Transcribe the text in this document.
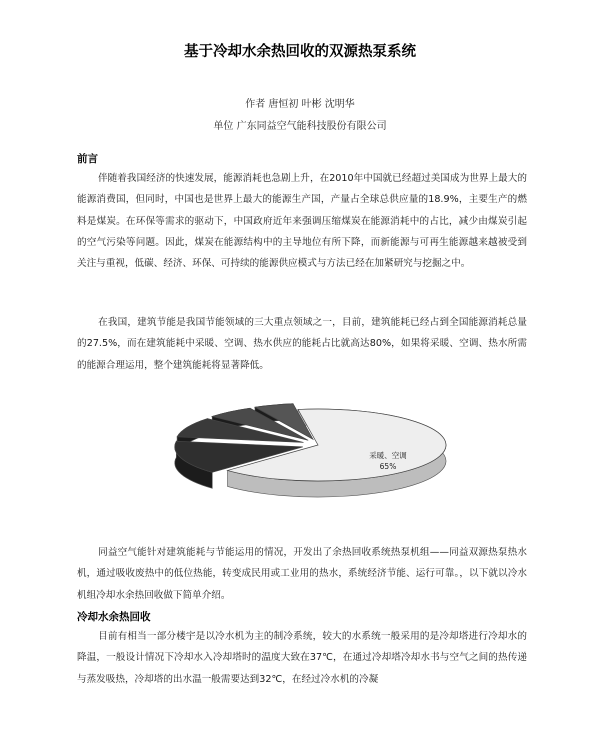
基于冷却水余热回收的双源热泵系统
作者 唐恒初 叶彬 沈明华
单位 广东同益空气能科技股份有限公司
前言

伴随着我国经济的快速发展，能源消耗也急剧上升，在2010年中国就已经超过美国成为世界上最大的能源消费国，但同时，中国也是世界上最大的能源生产国，产量占全球总供应量的18.9%，主要生产的燃料是煤炭。在环保等需求的驱动下，中国政府近年来强调压缩煤炭在能源消耗中的占比，减少由煤炭引起的空气污染等问题。因此，煤炭在能源结构中的主导地位有所下降，而新能源与可再生能源越来越被受到关注与重视，低碳、经济、环保、可持续的能源供应模式与方法已经在加紧研究与挖掘之中。

在我国，建筑节能是我国节能领域的三大重点领域之一，目前，建筑能耗已经占到全国能源消耗总量的27.5%，而在建筑能耗中采暖、空调、热水供应的能耗占比就高达80%，如果将采暖、空调、热水所需的能源合理运用，整个建筑能耗将显著降低。

采暖、空调
65%

同益空气能针对建筑能耗与节能运用的情况，开发出了余热回收系统热泵机组——同益双源热泵热水机，通过吸收废热中的低位热能，转变成民用或工业用的热水，系统经济节能、运行可靠。，以下就以冷水机组冷却水余热回收做下简单介绍。

冷却水余热回收

目前有相当一部分楼宇是以冷水机为主的制冷系统，较大的水系统一般采用的是冷却塔进行冷却水的降温，一般设计情况下冷却水入冷却塔时的温度大致在37℃，在通过冷却塔冷却水书与空气之间的热传递与蒸发吸热，冷却塔的出水温一般需要达到32℃，在经过冷水机的冷凝
